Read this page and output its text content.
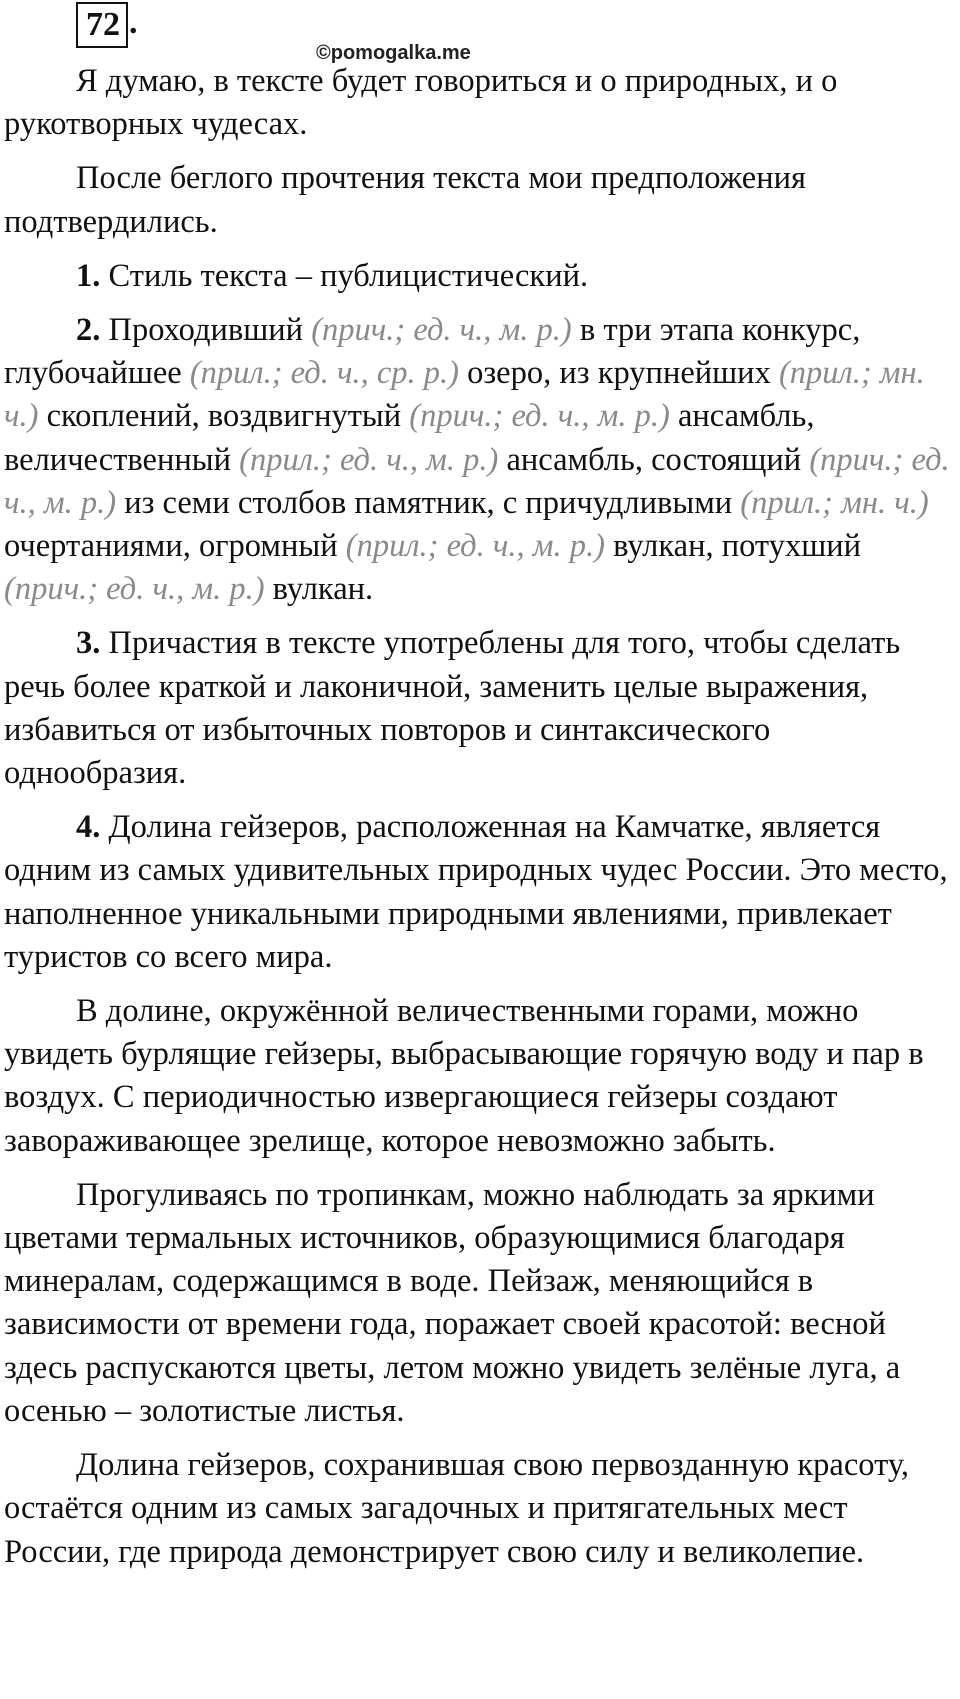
72 .
©pomogalka.me

Я думаю, в тексте будет говориться и о природных, и о рукотворных чудесах.

После беглого прочтения текста мои предположения подтвердились.

1. Стиль текста – публицистический.

2. Проходивший (прич.; ед. ч., м. р.) в три этапа конкурс, глубочайшее (прил.; ед. ч., ср. р.) озеро, из крупнейших (прил.; мн. ч.) скоплений, воздвигнутый (прич.; ед. ч., м. р.) ансамбль, величественный (прил.; ед. ч., м. р.) ансамбль, состоящий (прич.; ед. ч., м. р.) из семи столбов памятник, с причудливыми (прил.; мн. ч.) очертаниями, огромный (прил.; ед. ч., м. р.) вулкан, потухший (прич.; ед. ч., м. р.) вулкан.

3. Причастия в тексте употреблены для того, чтобы сделать речь более краткой и лаконичной, заменить целые выражения, избавиться от избыточных повторов и синтаксического однообразия.

4. Долина гейзеров, расположенная на Камчатке, является одним из самых удивительных природных чудес России. Это место, наполненное уникальными природными явлениями, привлекает туристов со всего мира.

В долине, окружённой величественными горами, можно увидеть бурлящие гейзеры, выбрасывающие горячую воду и пар в воздух. С периодичностью извергающиеся гейзеры создают завораживающее зрелище, которое невозможно забыть.

Прогуливаясь по тропинкам, можно наблюдать за яркими цветами термальных источников, образующимися благодаря минералам, содержащимся в воде. Пейзаж, меняющийся в зависимости от времени года, поражает своей красотой: весной здесь распускаются цветы, летом можно увидеть зелёные луга, а осенью – золотистые листья.

Долина гейзеров, сохранившая свою первозданную красоту, остаётся одним из самых загадочных и притягательных мест России, где природа демонстрирует свою силу и великолепие.
